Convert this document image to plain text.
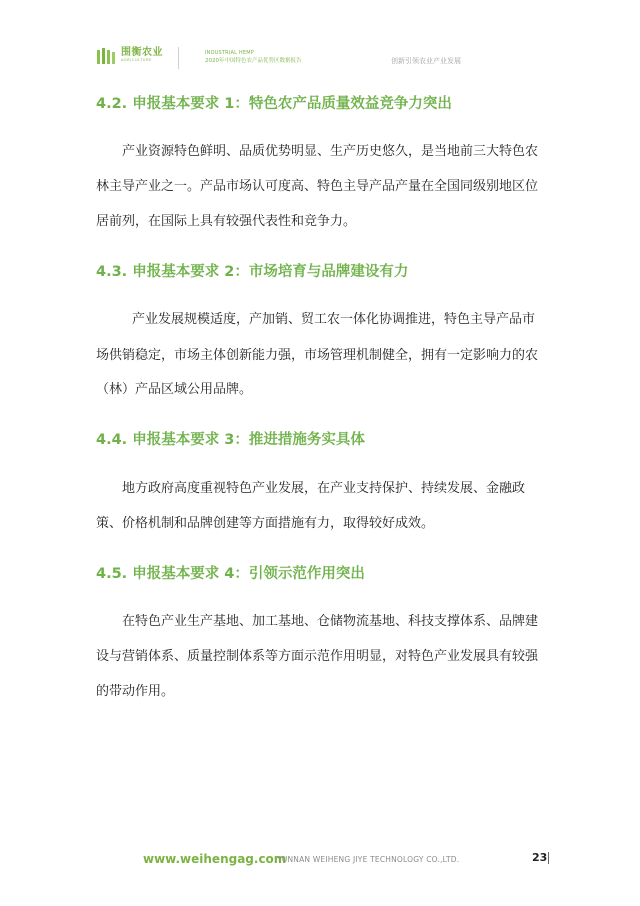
围衡农业
AGRICULTURE
INDUSTRIAL HEMP
2020年中国特色农产品优势区数据报告	创新引领农业产业发展
4.2. 申报基本要求 1：特色农产品质量效益竞争力突出
产业资源特色鲜明、品质优势明显、生产历史悠久，是当地前三大特色农
林主导产业之一。产品市场认可度高、特色主导产品产量在全国同级别地区位
居前列，在国际上具有较强代表性和竞争力。
4.3. 申报基本要求 2：市场培育与品牌建设有力
产业发展规模适度，产加销、贸工农一体化协调推进，特色主导产品市
场供销稳定，市场主体创新能力强，市场管理机制健全，拥有一定影响力的农
（林）产品区域公用品牌。
4.4. 申报基本要求 3：推进措施务实具体
地方政府高度重视特色产业发展，在产业支持保护、持续发展、金融政
策、价格机制和品牌创建等方面措施有力，取得较好成效。
4.5. 申报基本要求 4：引领示范作用突出
在特色产业生产基地、加工基地、仓储物流基地、科技支撑体系、品牌建
设与营销体系、质量控制体系等方面示范作用明显，对特色产业发展具有较强
的带动作用。
www.weihengag.com
YUNNAN WEIHENG JIYE TECHNOLOGY CO.,LTD.	23
